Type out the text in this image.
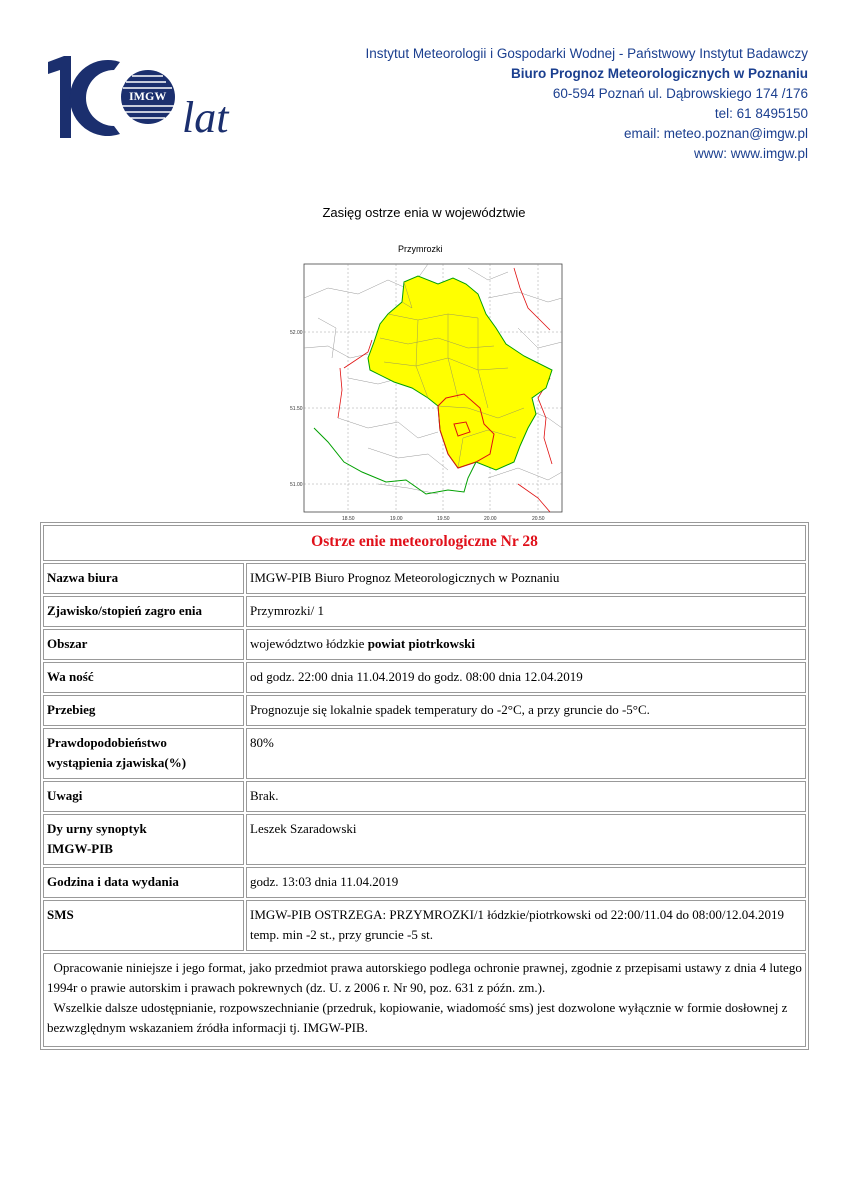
IMGW lat
Instytut Meteorologii i Gospodarki Wodnej - Państwowy Instytut Badawczy
Biuro Prognoz Meteorologicznych w Poznaniu
60-594 Poznań ul. Dąbrowskiego 174 /176
tel: 61 8495150
email: meteo.poznan@imgw.pl
www: www.imgw.pl
Zasięg ostrze enia w województwie
Przymrozki
52.00
51.50
51.00
18.50	19.00	19.50	20.00	20.50
Ostrze enie meteorologiczne Nr 28	
Nazwa biura	IMGW-PIB Biuro Prognoz Meteorologicznych w Poznaniu
Zjawisko/stopień zagro enia	Przymrozki/ 1
Obszar	województwo łódzkie powiat piotrkowski
Wa ność	od godz. 22:00 dnia 11.04.2019 do godz. 08:00 dnia 12.04.2019
Przebieg	Prognozuje się lokalnie spadek temperatury do -2°C, a przy gruncie do -5°C.
Prawdopodobieństwo
wystąpienia zjawiska(%)	80%
Uwagi	Brak.
Dy urny synoptyk
IMGW-PIB	Leszek Szaradowski
Godzina i data wydania	godz. 13:03 dnia 11.04.2019
SMS	IMGW-PIB OSTRZEGA: PRZYMROZKI/1 łódzkie/piotrkowski od 22:00/11.04 do 08:00/12.04.2019 temp. min -2 st., przy gruncie -5 st.

Opracowanie niniejsze i jego format, jako przedmiot prawa autorskiego podlega ochronie prawnej, zgodnie z przepisami ustawy z dnia 4 lutego 1994r o prawie autorskim i prawach pokrewnych (dz. U. z 2006 r. Nr 90, poz. 631 z późn. zm.).
Wszelkie dalsze udostępnianie, rozpowszechnianie (przedruk, kopiowanie, wiadomość sms) jest dozwolone wyłącznie w formie dosłownej z bezwzględnym wskazaniem źródła informacji tj. IMGW-PIB.	
